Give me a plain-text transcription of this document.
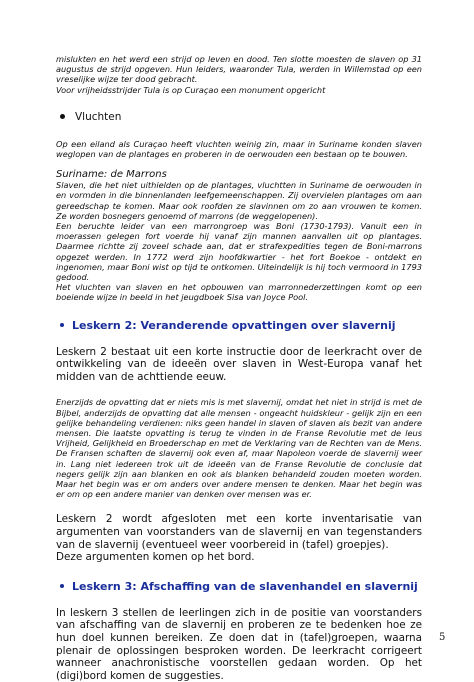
mislukten en het werd een strijd op leven en dood. Ten slotte moesten de slaven op 31 augustus de strijd opgeven. Hun leiders, waaronder Tula, werden in Willemstad op een vreselijke wijze ter dood gebracht.

Voor vrijheidsstrijder Tula is op Curaçao een monument opgericht

Vluchten

Op een eiland als Curaçao heeft vluchten weinig zin, maar in Suriname konden slaven weglopen van de plantages en proberen in de oerwouden een bestaan op te bouwen.

Suriname: de Marrons

Slaven, die het niet uithielden op de plantages, vluchtten in Suriname de oerwouden in en vormden in die binnenlanden leefgemeenschappen. Zij overvielen plantages om aan gereedschap te komen. Maar ook roofden ze slavinnen om zo aan vrouwen te komen. Ze worden bosnegers genoemd of marrons (de weggelopenen).

Een beruchte leider van een marrongroep was Boni (1730-1793). Vanuit een in moerassen gelegen fort voerde hij vanaf zijn mannen aanvallen uit op plantages. Daarmee richtte zij zoveel schade aan, dat er strafexpedities tegen de Boni-marrons opgezet werden. In 1772 werd zijn hoofdkwartier - het fort Boekoe - ontdekt en ingenomen, maar Boni wist op tijd te ontkomen. Uiteindelijk is hij toch vermoord in 1793 gedood.

Het vluchten van slaven en het opbouwen van marronnederzettingen komt op een boeiende wijze in beeld in het jeugdboek Sisa van Joyce Pool.

Leskern 2: Veranderende opvattingen over slavernij

Leskern 2 bestaat uit een korte instructie door de leerkracht over de ontwikkeling van de ideeën over slaven in West-Europa vanaf het midden van de achttiende eeuw.

Enerzijds de opvatting dat er niets mis is met slavernij, omdat het niet in strijd is met de Bijbel, anderzijds de opvatting dat alle mensen - ongeacht huidskleur - gelijk zijn en een gelijke behandeling verdienen: niks geen handel in slaven of slaven als bezit van andere mensen. Die laatste opvatting is terug te vinden in de Franse Revolutie met de leus Vrijheid, Gelijkheid en Broederschap en met de Verklaring van de Rechten van de Mens. De Fransen schaften de slavernij ook even af, maar Napoleon voerde de slavernij weer in. Lang niet iedereen trok uit de ideeën van de Franse Revolutie de conclusie dat negers gelijk zijn aan blanken en ook als blanken behandeld zouden moeten worden. Maar het begin was er om anders over andere mensen te denken. Maar het begin was er om op een andere manier van denken over mensen was er.

Leskern 2 wordt afgesloten met een korte inventarisatie van argumenten van voorstanders van de slavernij en van tegenstanders van de slavernij (eventueel weer voorbereid in (tafel) groepjes).

Deze argumenten komen op het bord.

Leskern 3: Afschaffing van de slavenhandel en slavernij

In leskern 3 stellen de leerlingen zich in de positie van voorstanders van afschaffing van de slavernij en proberen ze te bedenken hoe ze hun doel kunnen bereiken. Ze doen dat in (tafel)groepen, waarna plenair de oplossingen besproken worden. De leerkracht corrigeert wanneer anachronistische voorstellen gedaan worden. Op het (digi)bord komen de suggesties.

5
